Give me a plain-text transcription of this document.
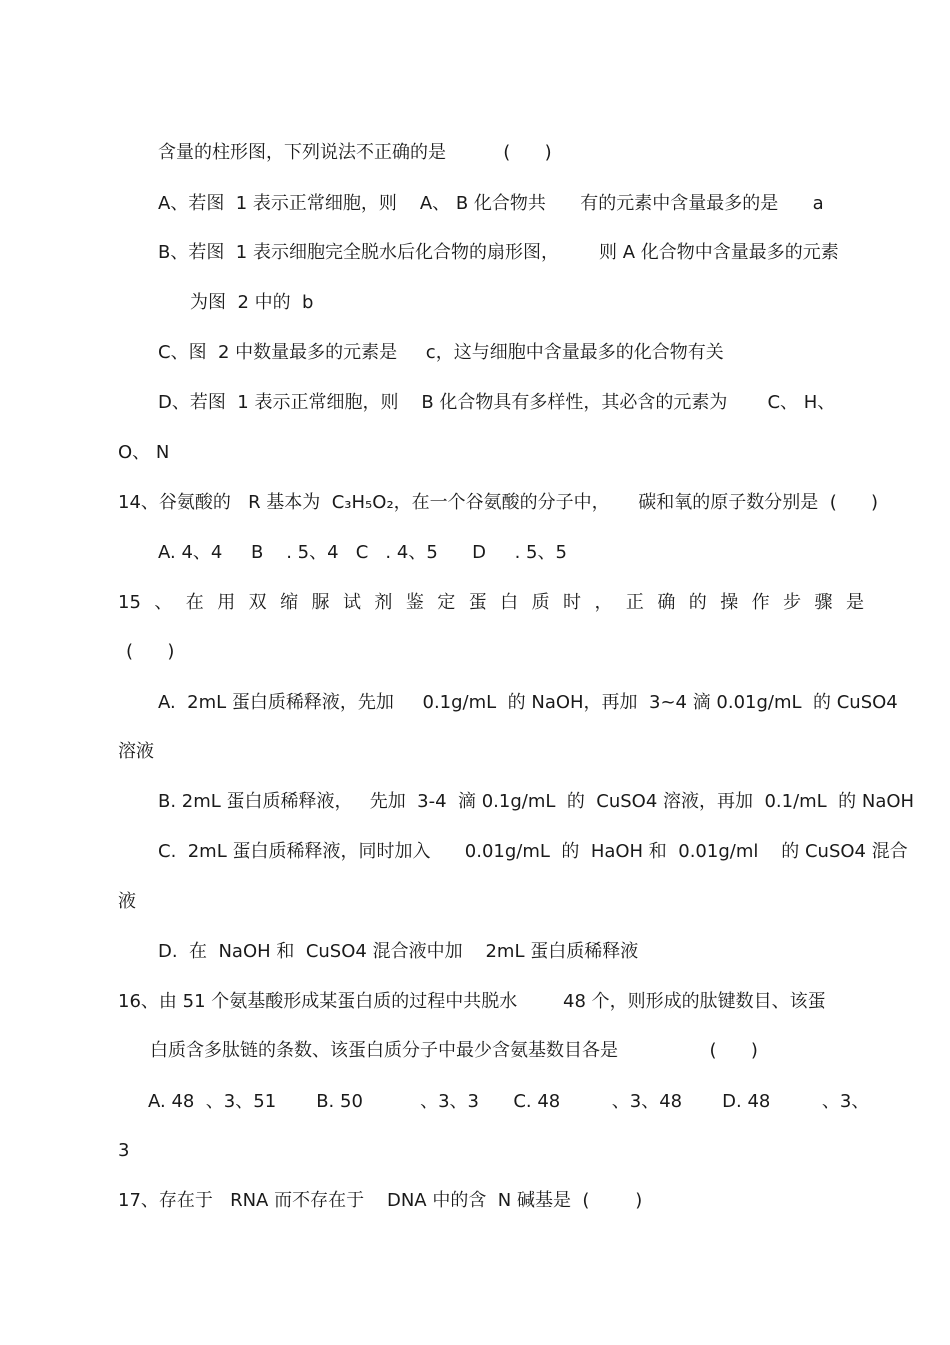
含量的柱形图，下列说法不正确的是          (      )
A、若图  1 表示正常细胞，则    A、 B 化合物共      有的元素中含量最多的是      a
B、若图  1 表示细胞完全脱水后化合物的扇形图，       则 A 化合物中含量最多的元素
为图  2 中的  b
C、图  2 中数量最多的元素是     c，这与细胞中含量最多的化合物有关
D、若图  1 表示正常细胞，则    B 化合物具有多样性，其必含的元素为       C、 H、
O、 N
14、谷氨酸的   R 基本为  C₃H₅O₂，在一个谷氨酸的分子中，     碳和氧的原子数分别是  (      )
A. 4、4     B    . 5、4   C   . 4、5      D     . 5、5
15 、 在 用 双 缩 脲 试 剂 鉴 定 蛋 白 质 时 ， 正 确 的 操 作 步 骤 是
(      )
A.  2mL 蛋白质稀释液，先加     0.1g/mL  的 NaOH，再加  3~4 滴 0.01g/mL  的 CuSO4
溶液
B. 2mL 蛋白质稀释液，   先加  3-4  滴 0.1g/mL  的  CuSO4 溶液，再加  0.1/mL  的 NaOH
C.  2mL 蛋白质稀释液，同时加入      0.01g/mL  的  HaOH 和  0.01g/ml    的 CuSO4 混合
液
D.  在  NaOH 和  CuSO4 混合液中加    2mL 蛋白质稀释液
16、由 51 个氨基酸形成某蛋白质的过程中共脱水        48 个，则形成的肽键数目、该蛋
白质含多肽链的条数、该蛋白质分子中最少含氨基数目各是                (      )
A. 48  、3、51       B. 50          、3、3      C. 48         、3、48       D. 48         、3、
3
17、存在于   RNA 而不存在于    DNA 中的含  N 碱基是  (        )
